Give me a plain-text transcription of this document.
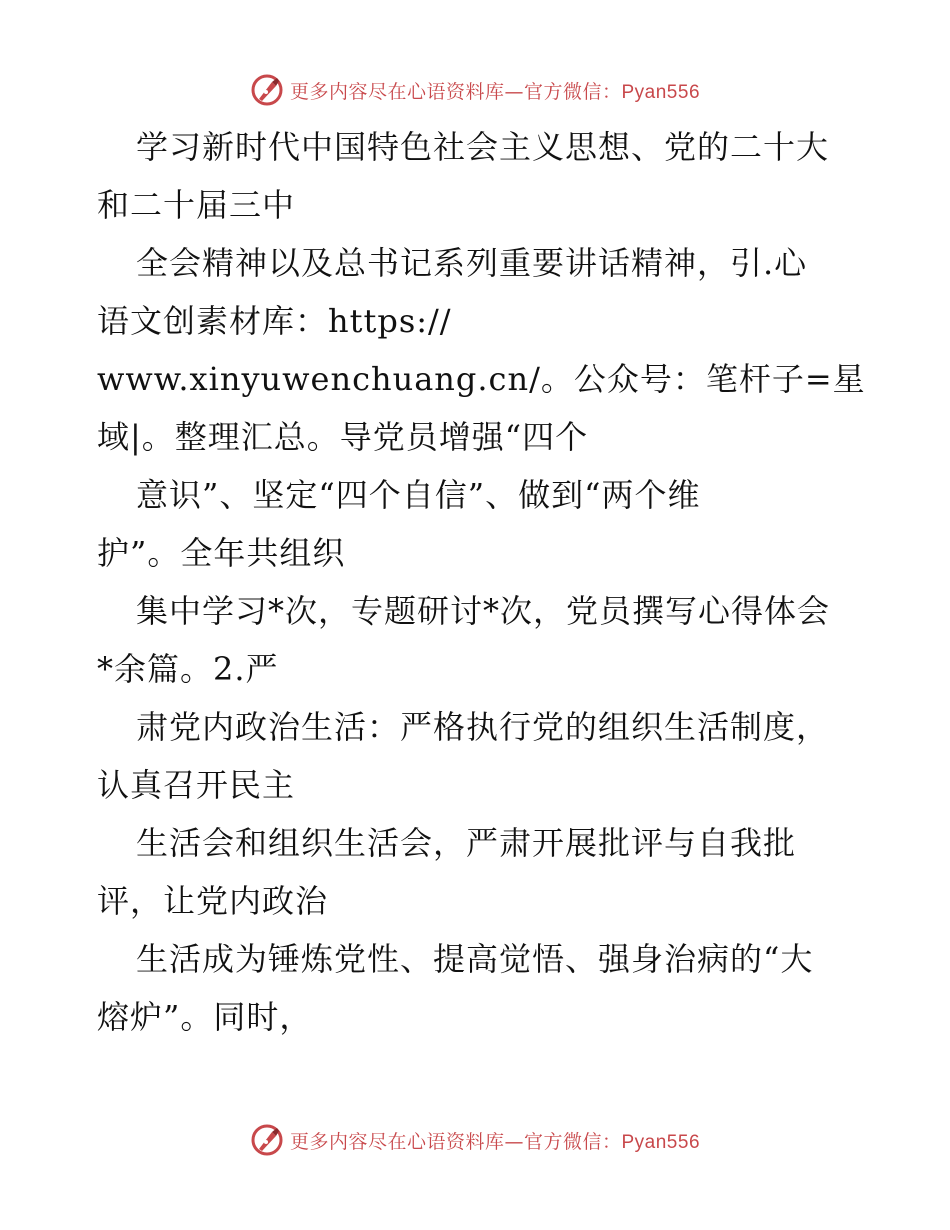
更多内容尽在心语资料库—官方微信：Pyan556
学习新时代中国特色社会主义思想、党的二十大
和二十届三中
全会精神以及总书记系列重要讲话精神，引.心
语文创素材库：https://
www.xinyuwenchuang.cn/。公众号：笔杆子=星
域|。整理汇总。导党员增强“四个
意识”、坚定“四个自信”、做到“两个维
护”。全年共组织
集中学习*次，专题研讨*次，党员撰写心得体会
*余篇。2.严
肃党内政治生活：严格执行党的组织生活制度，
认真召开民主
生活会和组织生活会，严肃开展批评与自我批
评，让党内政治
生活成为锤炼党性、提高觉悟、强身治病的“大
熔炉”。同时，
更多内容尽在心语资料库—官方微信：Pyan556
